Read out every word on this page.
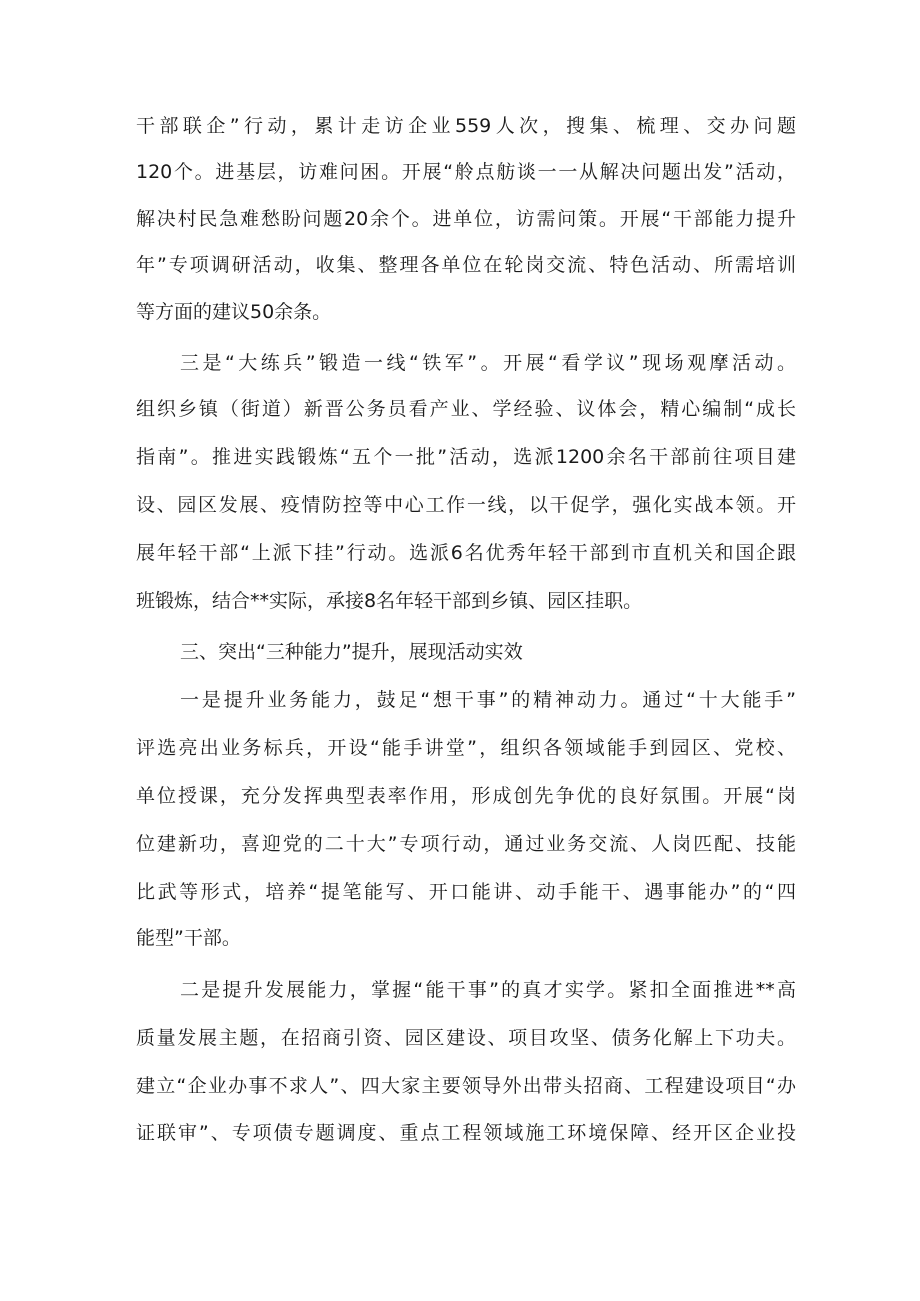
干部联企”行动，累计走访企业559人次，搜集、梳理、交办问题
120个。进基层，访难问困。开展“舲点舫谈一一从解决问题出发”活动，
解决村民急难愁盼问题20余个。进单位，访需问策。开展“干部能力提升
年”专项调研活动，收集、整理各单位在轮岗交流、特色活动、所需培训
等方面的建议50余条。
三是“大练兵”锻造一线“铁军”。开展“看学议”现场观摩活动。
组织乡镇（街道）新晋公务员看产业、学经验、议体会，精心编制“成长
指南”。推进实践锻炼“五个一批”活动，选派1200余名干部前往项目建
设、园区发展、疫情防控等中心工作一线，以干促学，强化实战本领。开
展年轻干部“上派下挂”行动。选派6名优秀年轻干部到市直机关和国企跟
班锻炼，结合**实际，承接8名年轻干部到乡镇、园区挂职。
三、突出“三种能力”提升，展现活动实效
一是提升业务能力，鼓足“想干事”的精神动力。通过“十大能手”
评选亮出业务标兵，开设“能手讲堂”，组织各领域能手到园区、党校、
单位授课，充分发挥典型表率作用，形成创先争优的良好氛围。开展“岗
位建新功，喜迎党的二十大”专项行动，通过业务交流、人岗匹配、技能
比武等形式，培养“提笔能写、开口能讲、动手能干、遇事能办”的“四
能型”干部。
二是提升发展能力，掌握“能干事”的真才实学。紧扣全面推进**高
质量发展主题，在招商引资、园区建设、项目攻坚、债务化解上下功夫。
建立“企业办事不求人”、四大家主要领导外出带头招商、工程建设项目“办
证联审”、专项债专题调度、重点工程领域施工环境保障、经开区企业投
